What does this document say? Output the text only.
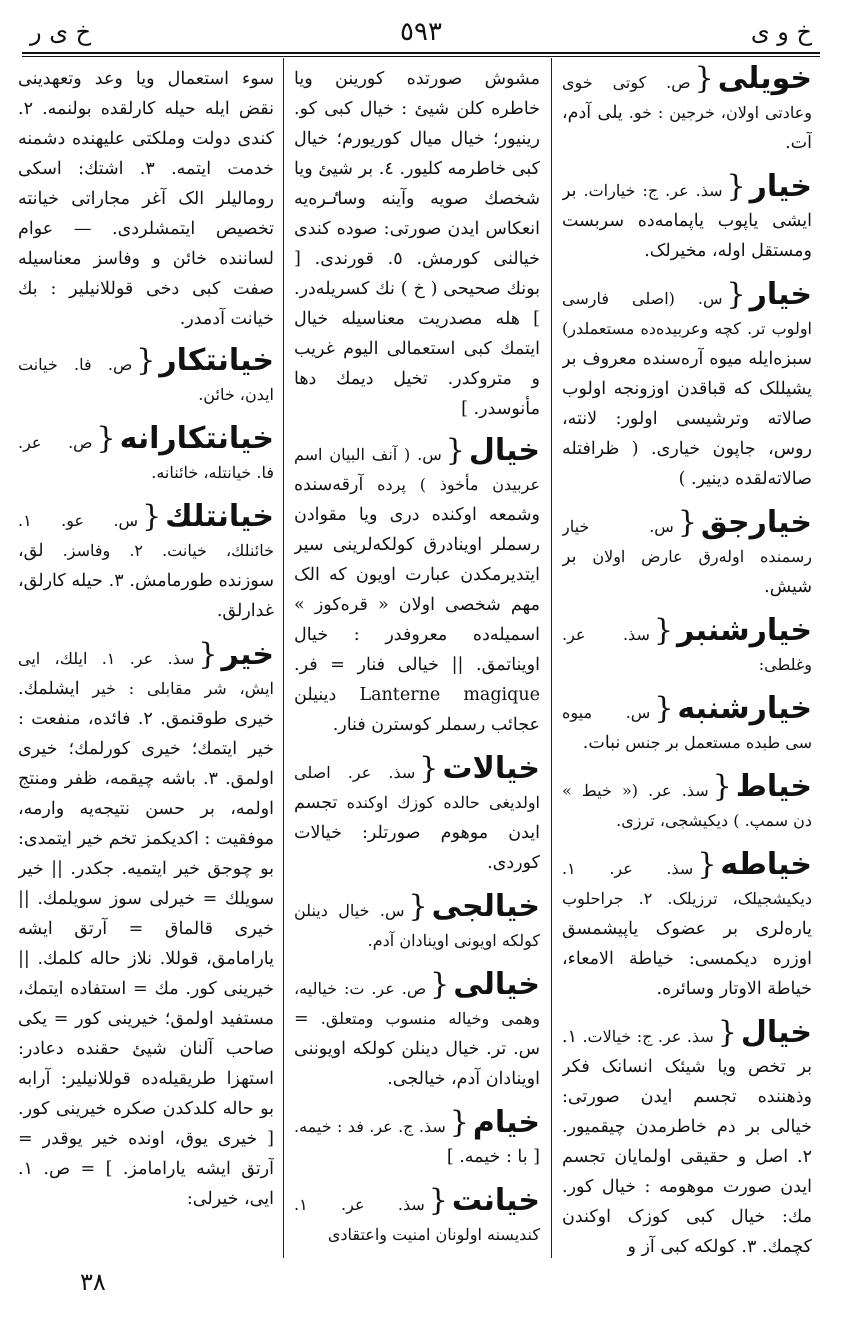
خ و ی
٥٩٣
خ ی ر
خویلی{ص. کوتی خوی وعادتی اولان، خرجین : خو. یلی آدم، آت.
خیار{سذ. عر. ج: خیارات. بر ایشی یاپوب یاپمامه‌ده سربست ومستقل اوله، مخیرلک.
خیار{س. (اصلی فارسی اولوب تر. کچه وعربیده‌ده مستعملدر) سبزه‌ایله میوه آره‌سنده معروف بر یشیللک که قباقدن اوزونجه اولوب صالاته وترشیسی اولور: لانته، روس، جاپون خیاری. ( ظرافتله صالاته‌لقده دینیر. )
خیارجق{س. خیار رسمنده اوله‌رق عارض اولان بر شیش.
خیارشنبر{سذ. عر. وغلطی:
خیارشنبه{س. میوه سی طبده مستعمل بر جنس نبات.
خیاط{سذ. عر. (« خیط » دن سمپ. ) دیکیشجی، ترزی.
خیاطه{سذ. عر. ١. دیکیشجیلک، ترزیلک. ٢. جراحلوب یاره‌لری بر عضوک یاپیشمسق اوزره دیکمسی: خیاطة الامعاء، خیاطة الاوتار وسائره.
خیال{سذ. عر. ج: خیالات. ١. بر تخص ویا شیئک انسانک فکر وذهننده تجسم ایدن صورتی: خیالی بر دم خاطرمدن چیقمیور. ٢. اصل و حقیقی اولمایان تجسم ایدن صورت موهومه : خیال کور. مك: خیال کبی کوزک اوکندن کچمك. ٣. کولکه کبی آز و
مشوش صورتده کورینن ویا خاطره کلن شیئ : خیال کبی کو. رینیور؛ خیال میال کوریورم؛ خیال کبی خاطرمه کلیور. ٤. بر شیئ ویا شخصك صویه وآینه وساٸره‌یه انعکاس ایدن صورتی: صوده کندی خیالنی کورمش. ٥. قورندی. [ بونك صحیحی ( خ ) نك کسریله‌در. ] هله مصدریت معناسیله خیال ایتمك کبی استعمالی الیوم غریب و متروکدر. تخیل دیمك دها مأنوسدر. ]
خیال{س. ( آنف البیان اسم عربیدن مأخوذ ) پرده آرقه‌سنده وشمعه اوکنده دری ویا مقوادن رسملر اوینادرق کولکه‌لرینی سیر ایتدیرمکدن عبارت اویون که الک مهم شخصی اولان « قره‌کوز » اسمیله‌ده معروفدر : خیال اویناتمق. || خیالی فنار = فر. Lanterne magique دینیلن عجائب رسملر کوسترن فنار.
خیالات{سذ. عر. اصلی اولدیغی حالده کوزك اوکنده تجسم ایدن موهوم صورتلر: خیالات کوردی.
خیالجی{س. خیال دینلن کولکه اویونی اوینادان آدم.
خیالی{ص. عر. ت: خیالیه، وهمی وخیاله منسوب ومتعلق. = س. تر. خیال دینلن کولکه اویوننی اوینادان آدم، خیالجی.
خیام{سذ. ج. عر. فد : خیمه. [ با : خیمه. ]
خیانت{سذ. عر. ١. کندیسنه اولونان امنیت واعتقادی
سوء استعمال ویا وعد وتعهدینی نقض ایله حیله کارلقده بولنمه. ٢. کندی دولت وملکتی علیهنده دشمنه خدمت ایتمه. ٣. اشتك: اسکی رومالیلر الک آغر مجاراتی خیانته تخصیص ایتمشلردی. — عوام لساننده خائن و وفاسز معناسیله صفت کبی دخی قوللانیلیر : بك خیانت آدمدر.
خیانتکار{ص. فا. خیانت ایدن، خائن.
خیانتکارانه{ص. عر. فا. خیانتله، خائنانه.
خیانتلك{س. عو. ١. خائنلك، خیانت. ٢. وفاسز. لق، سوزنده طورمامش. ٣. حیله کارلق، غدارلق.
خیر{سذ. عر. ١. ایلك، ایی ایش، شر مقابلی : خیر ایشلمك. خیری طوقنمق. ٢. فائده، منفعت : خیر ایتمك؛ خیری کورلمك؛ خیری اولمق. ٣. باشه چیقمه، ظفر ومنتج اولمه، بر حسن نتیجه‌یه وارمه، موفقیت : اکدیکمز تخم خیر ایتمدی: بو چوجق خیر ایتمیه. جکدر. || خیر سویلك = خیرلی سوز سویلمك. || خیری قالماق = آرتق ایشه یارامامق، قوللا. نلاز حاله کلمك. || خیرینی کور. مك = استفاده ایتمك، مستفید اولمق؛ خیرینی کور = یکی صاحب آلنان شیئ حقنده دعادر: استهزا طریقیله‌ده قوللانیلیر: آرابه بو حاله کلدکدن صکره خیرینی کور. [ خیری یوق، اونده خیر یوقدر = آرتق ایشه یارامامز. ] = ص. ١. ایی، خیرلی:
٣٨
